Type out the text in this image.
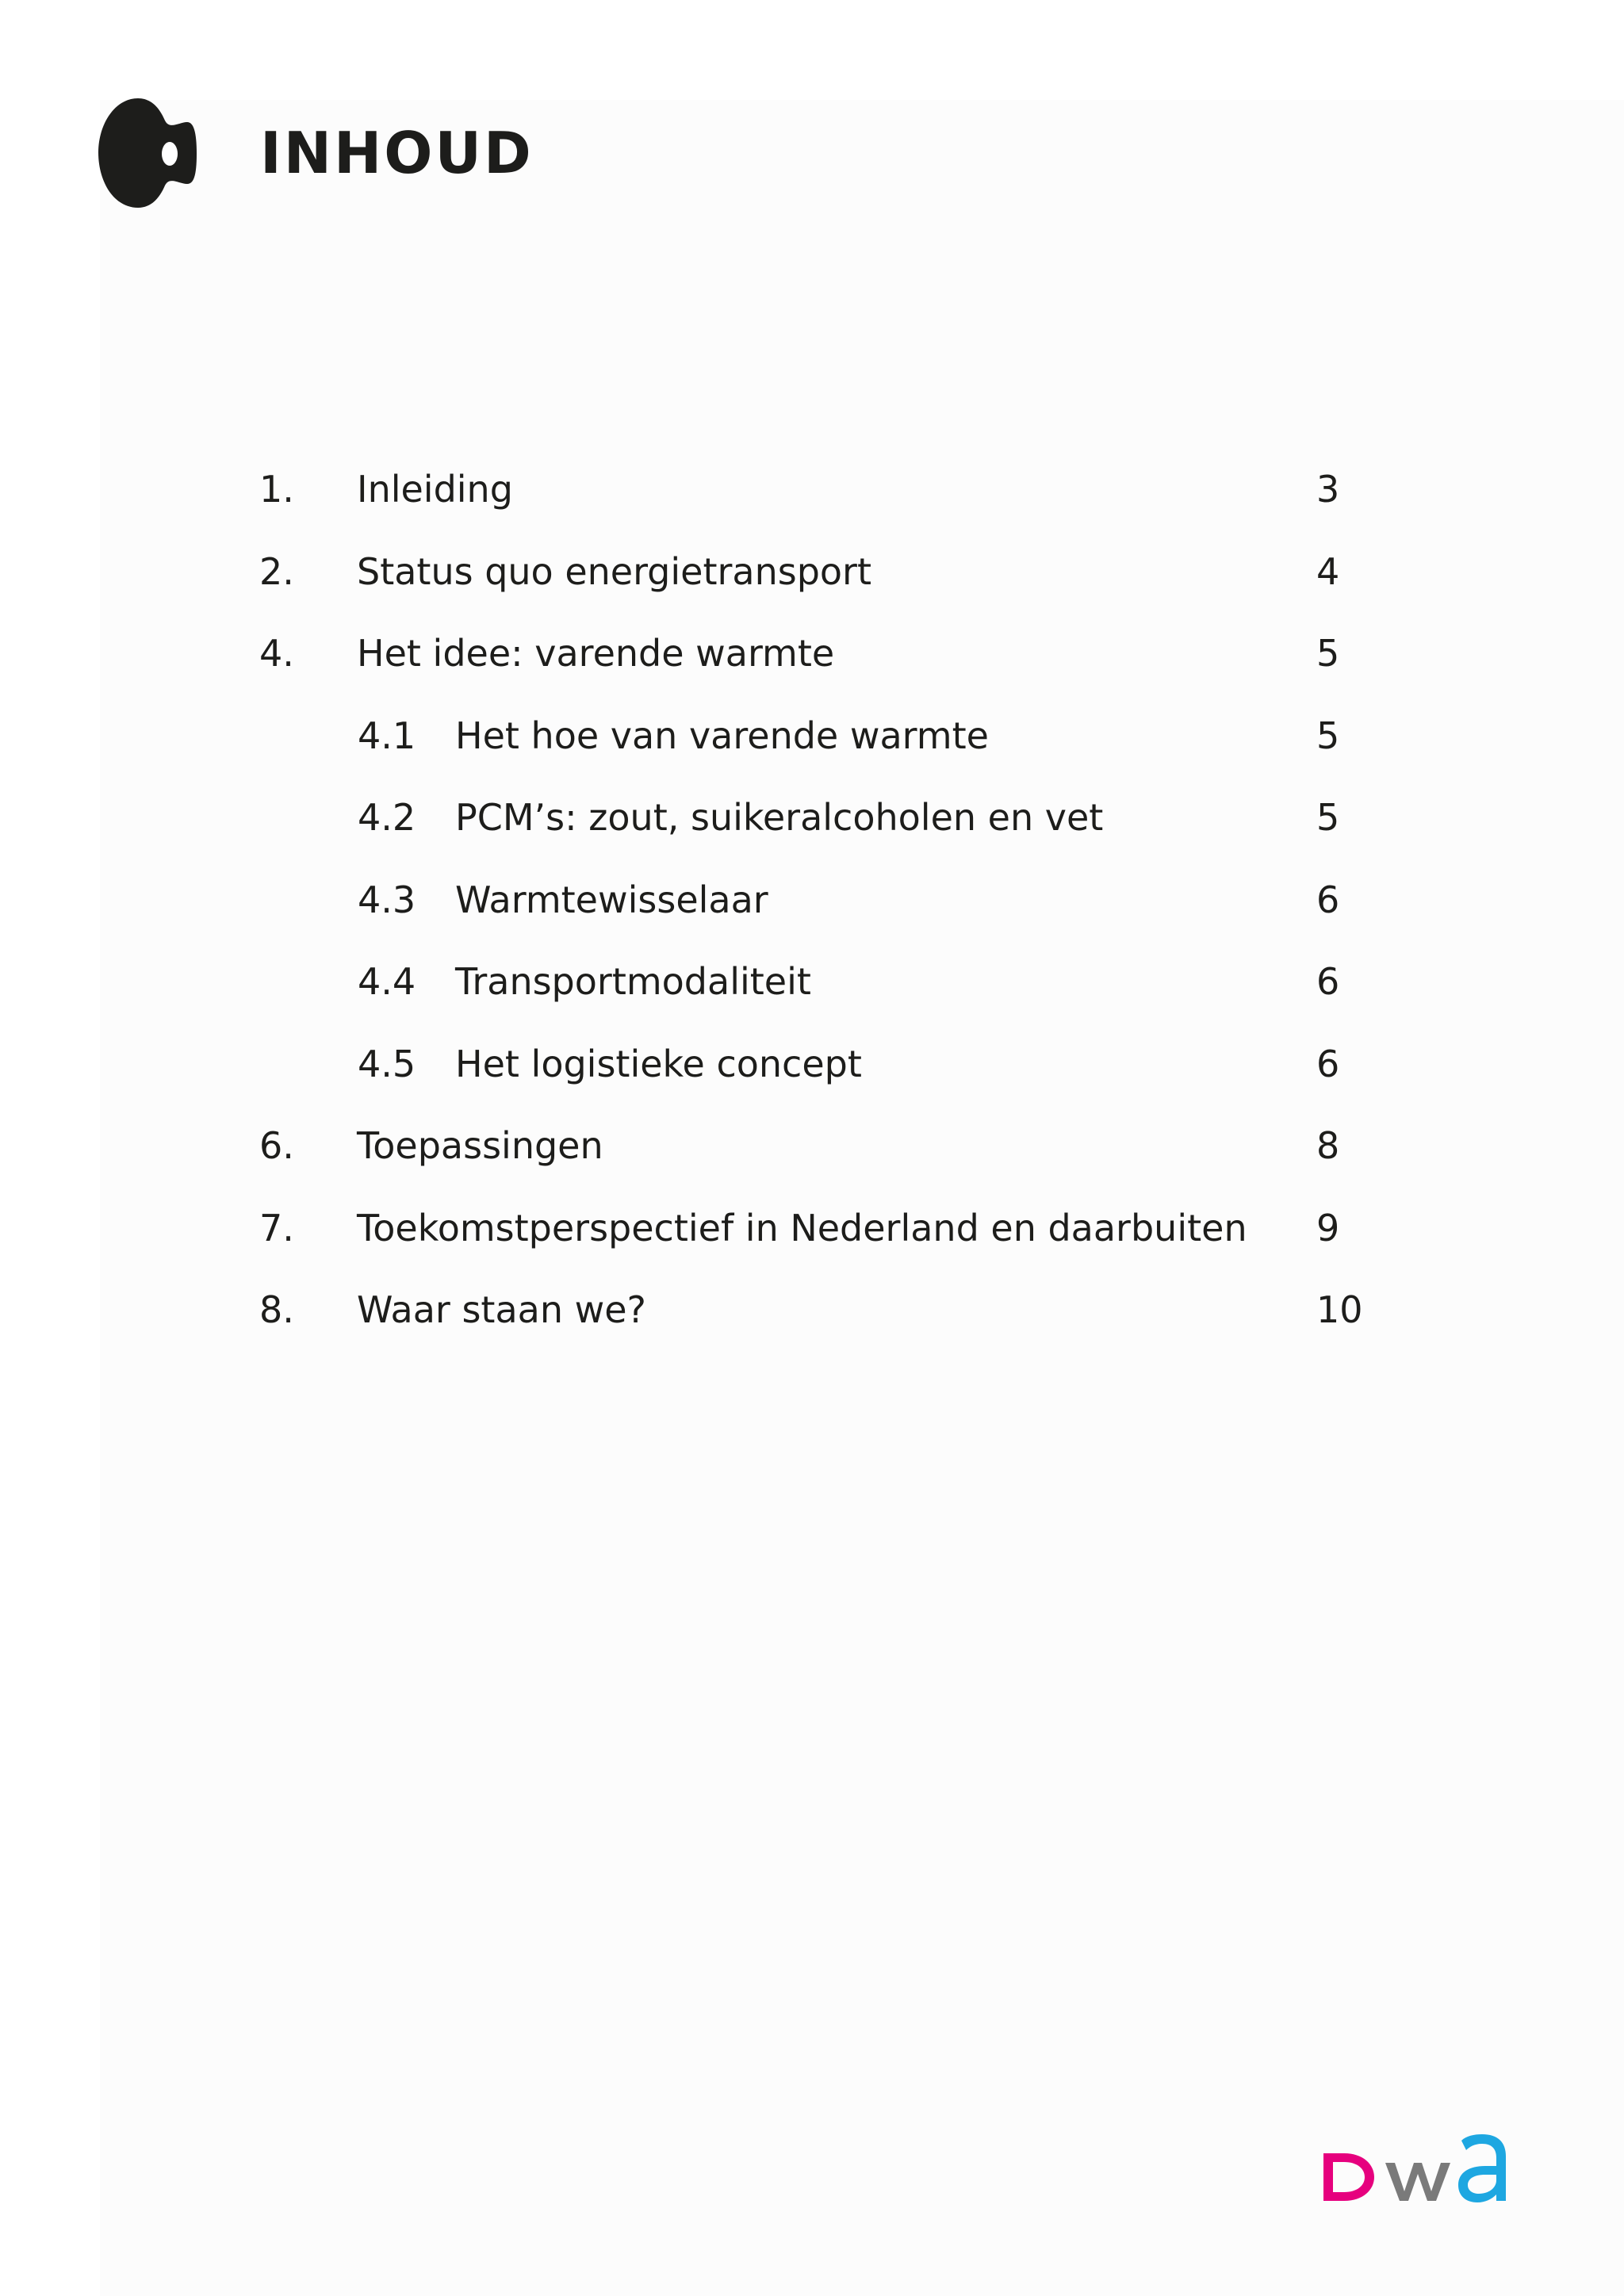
INHOUD
1. Inleiding	3
2. Status quo energietransport	4
4. Het idee: varende warmte	5
4.1 Het hoe van varende warmte	5
4.2 PCM’s: zout, suikeralcoholen en vet	5
4.3 Warmtewisselaar	6
4.4 Transportmodaliteit	6
4.5 Het logistieke concept	6
6. Toepassingen	8
7. Toekomstperspectief in Nederland en daarbuiten 9
8. Waar staan we?	10
